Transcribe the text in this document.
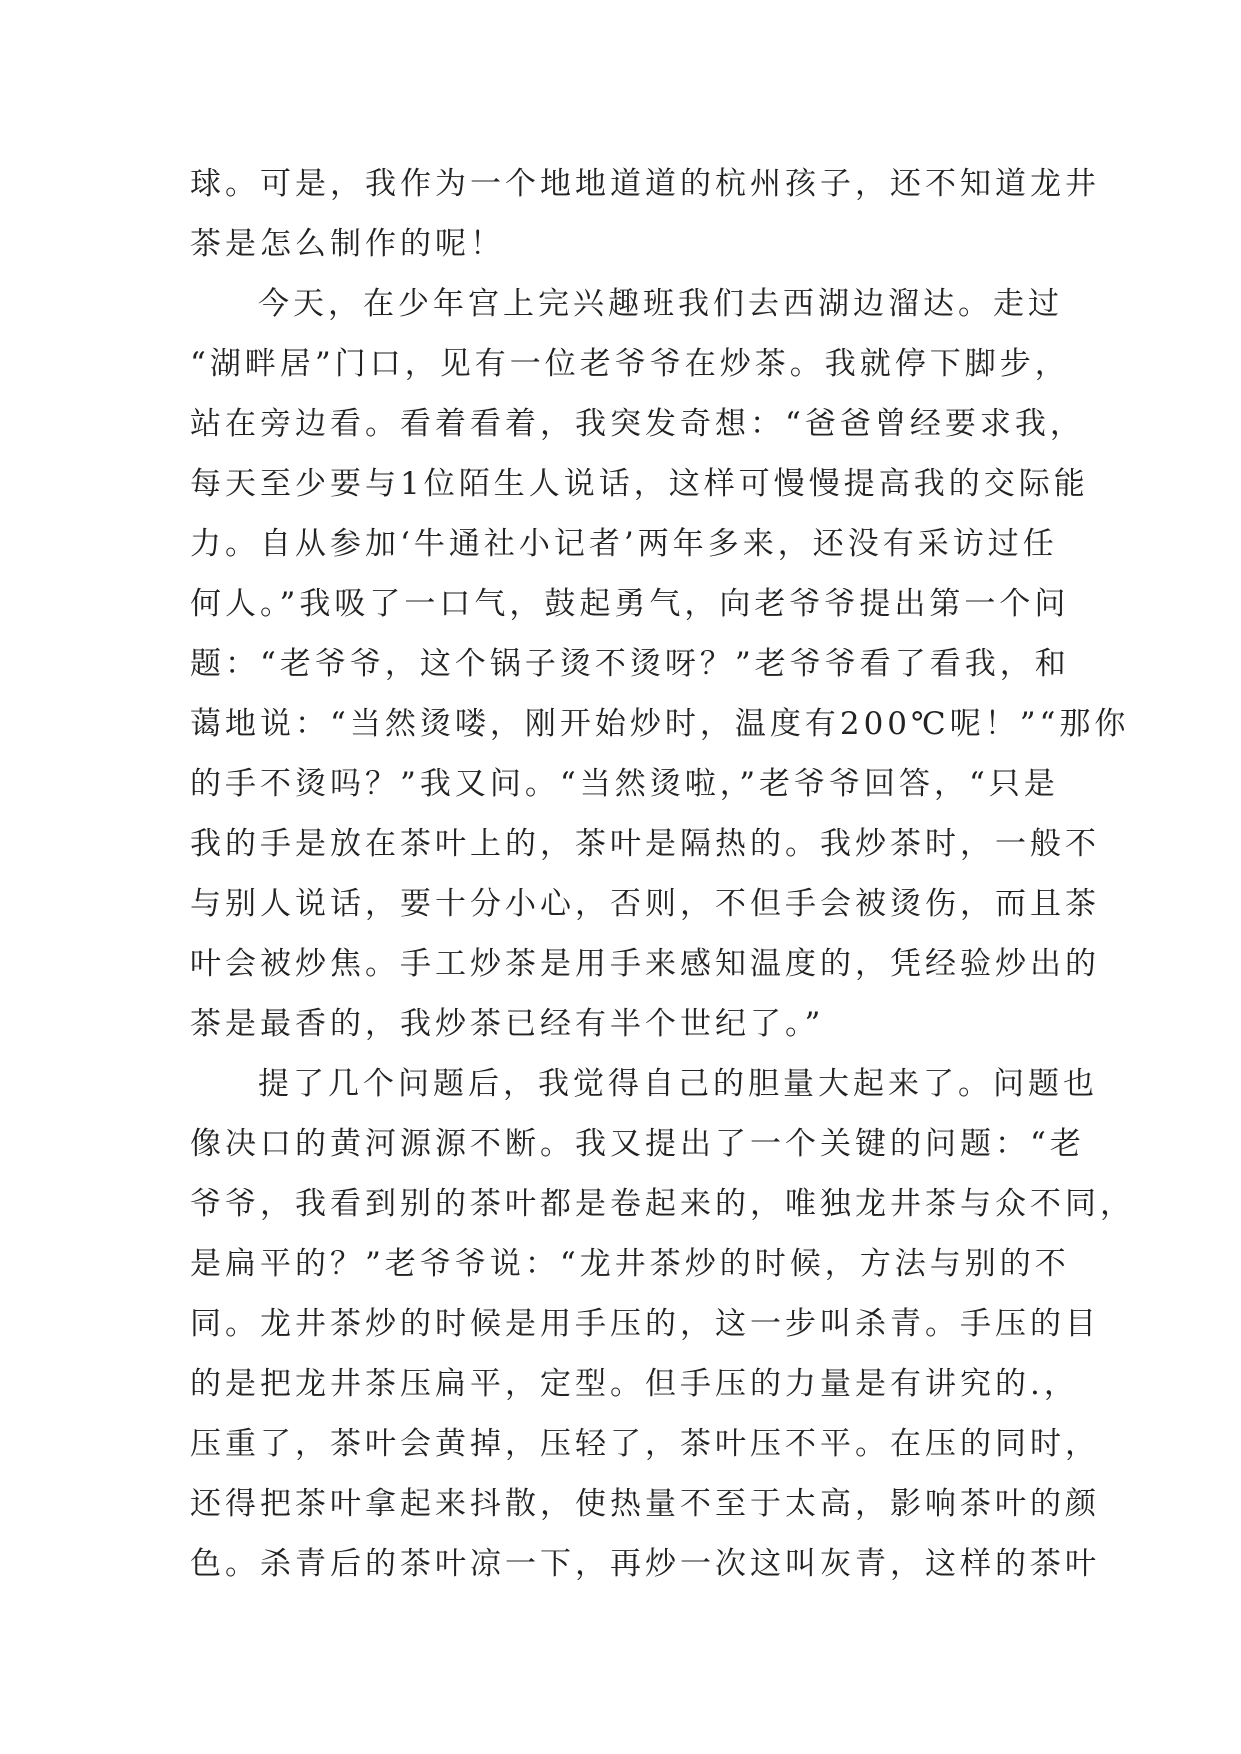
球。可是，我作为一个地地道道的杭州孩子，还不知道龙井
茶是怎么制作的呢！
今天，在少年宫上完兴趣班我们去西湖边溜达。走过
“湖畔居”门口，见有一位老爷爷在炒茶。我就停下脚步，
站在旁边看。看着看着，我突发奇想：“爸爸曾经要求我，
每天至少要与1位陌生人说话，这样可慢慢提高我的交际能
力。自从参加‘牛通社小记者’两年多来，还没有采访过任
何人。”我吸了一口气，鼓起勇气，向老爷爷提出第一个问
题：“老爷爷，这个锅子烫不烫呀？”老爷爷看了看我，和
蔼地说：“当然烫喽，刚开始炒时，温度有200℃呢！”“那你
的手不烫吗？”我又问。“当然烫啦，”老爷爷回答，“只是
我的手是放在茶叶上的，茶叶是隔热的。我炒茶时，一般不
与别人说话，要十分小心，否则，不但手会被烫伤，而且茶
叶会被炒焦。手工炒茶是用手来感知温度的，凭经验炒出的
茶是最香的，我炒茶已经有半个世纪了。”
提了几个问题后，我觉得自己的胆量大起来了。问题也
像决口的黄河源源不断。我又提出了一个关键的问题：“老
爷爷，我看到别的茶叶都是卷起来的，唯独龙井茶与众不同，
是扁平的？”老爷爷说：“龙井茶炒的时候，方法与别的不
同。龙井茶炒的时候是用手压的，这一步叫杀青。手压的目
的是把龙井茶压扁平，定型。但手压的力量是有讲究的.，
压重了，茶叶会黄掉，压轻了，茶叶压不平。在压的同时，
还得把茶叶拿起来抖散，使热量不至于太高，影响茶叶的颜
色。杀青后的茶叶凉一下，再炒一次这叫灰青，这样的茶叶
